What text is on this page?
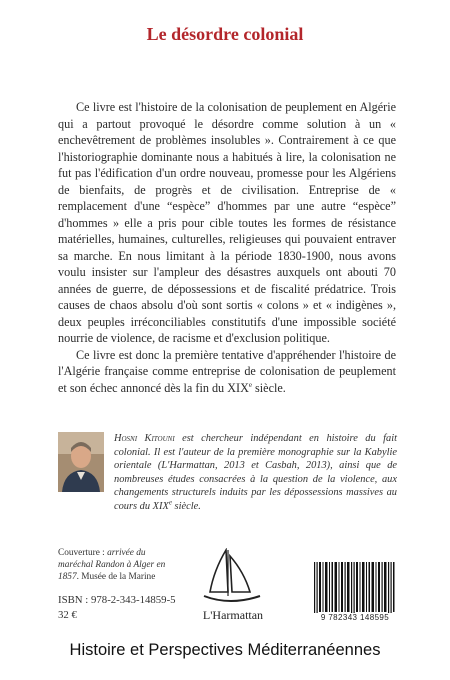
Le désordre colonial

Ce livre est l'histoire de la colonisation de peuplement en Algérie qui a partout provoqué le désordre comme solution à un « enchevêtrement de problèmes insolubles ». Contrairement à ce que l'historiographie dominante nous a habitués à lire, la colonisation ne fut pas l'édification d'un ordre nouveau, promesse pour les Algériens de bienfaits, de progrès et de civilisation. Entreprise de « remplacement d'une “espèce” d'hommes par une autre “espèce” d'hommes » elle a pris pour cible toutes les formes de résistance matérielles, humaines, culturelles, religieuses qui pouvaient entraver sa marche. En nous limitant à la période 1830-1900, nous avons voulu insister sur l'ampleur des désastres auxquels ont abouti 70 années de guerre, de dépossessions et de fiscalité prédatrice. Trois causes de chaos absolu d'où sont sortis « colons » et « indigènes », deux peuples irréconciliables constitutifs d'une impossible société nourrie de violence, de racisme et d'exclusion politique.

Ce livre est donc la première tentative d'appréhender l'histoire de l'Algérie française comme entreprise de colonisation de peuplement et son échec annoncé dès la fin du XIXe siècle.

Hosni Kitouni est chercheur indépendant en histoire du fait colonial. Il est l'auteur de la première monographie sur la Kabylie orientale (L'Harmattan, 2013 et Casbah, 2013), ainsi que de nombreuses études consacrées à la question de la violence, aux changements structurels induits par les dépossessions massives au cours du XIXe siècle.
Couverture : arrivée du maréchal Randon à Alger en 1857. Musée de la Marine
ISBN : 978-2-343-14859-5
32 €	L'Harmattan	9 782343 148595
Histoire et Perspectives Méditerranéennes
